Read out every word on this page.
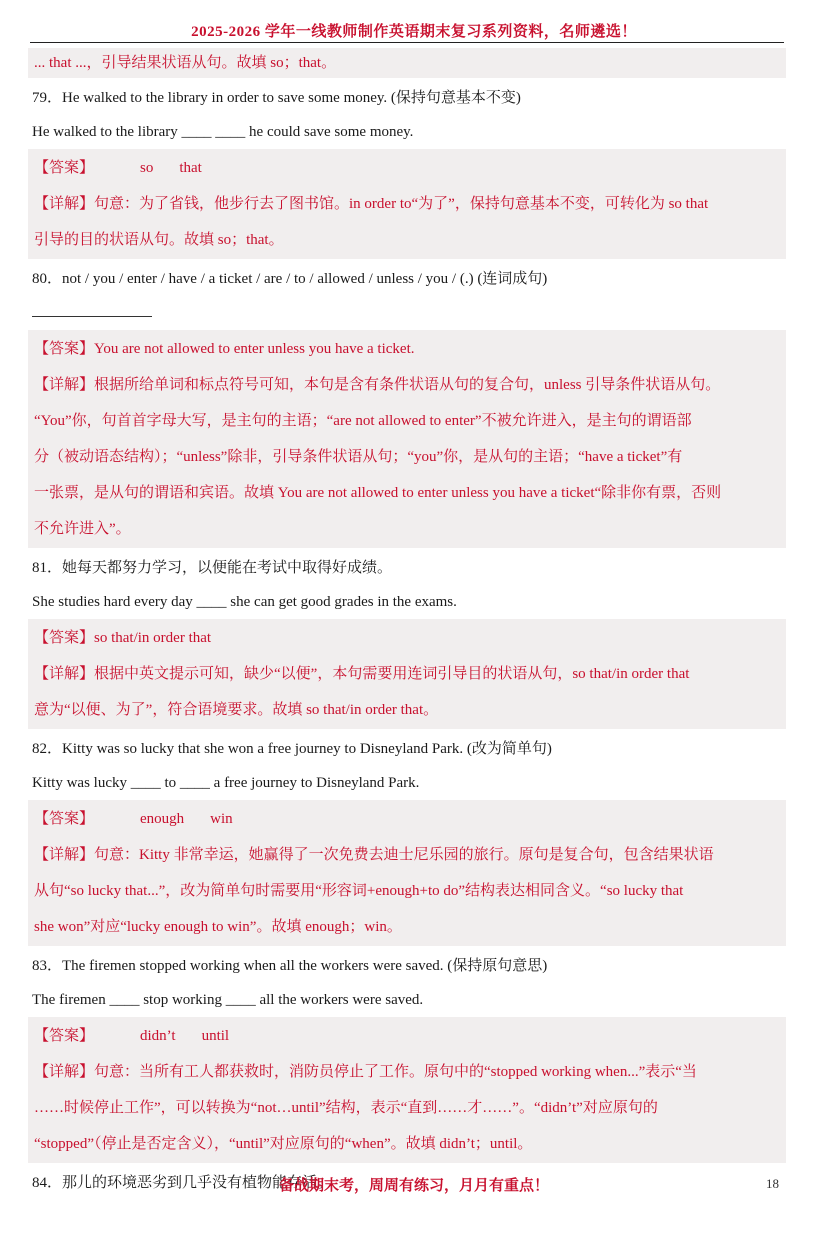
2025-2026 学年一线教师制作英语期末复习系列资料，名师遴选！
... that ...，引导结果状语从句。故填 so；that。
79．He walked to the library in order to save some money. (保持句意基本不变)
He walked to the library ____ ____ he could save some money.
【答案】	so that
【详解】句意：为了省钱，他步行去了图书馆。in order to“为了”，保持句意基本不变，可转化为 so that
引导的目的状语从句。故填 so；that。
80．not / you / enter / have / a ticket / are / to / allowed / unless / you / (.) (连词成句)
【答案】You are not allowed to enter unless you have a ticket.
【详解】根据所给单词和标点符号可知，本句是含有条件状语从句的复合句，unless 引导条件状语从句。
“You”你，句首首字母大写，是主句的主语；“are not allowed to enter”不被允许进入，是主句的谓语部
分（被动语态结构）；“unless”除非，引导条件状语从句；“you”你，是从句的主语；“have a ticket”有
一张票，是从句的谓语和宾语。故填 You are not allowed to enter unless you have a ticket“除非你有票，否则
不允许进入”。
81．她每天都努力学习，以便能在考试中取得好成绩。
She studies hard every day ____ she can get good grades in the exams.
【答案】so that/in order that
【详解】根据中英文提示可知，缺少“以便”，本句需要用连词引导目的状语从句，so that/in order that
意为“以便、为了”，符合语境要求。故填 so that/in order that。
82．Kitty was so lucky that she won a free journey to Disneyland Park. (改为简单句)
Kitty was lucky ____ to ____ a free journey to Disneyland Park.
【答案】	enough win
【详解】句意：Kitty 非常幸运，她赢得了一次免费去迪士尼乐园的旅行。原句是复合句，包含结果状语
从句“so lucky that...”，改为简单句时需要用“形容词+enough+to do”结构表达相同含义。“so lucky that
she won”对应“lucky enough to win”。故填 enough；win。
83．The firemen stopped working when all the workers were saved. (保持原句意思)
The firemen ____ stop working ____ all the workers were saved.
【答案】	didn’t until
【详解】句意：当所有工人都获救时，消防员停止了工作。原句中的“stopped working when...”表示“当
……时候停止工作”，可以转换为“not…until”结构，表示“直到……才……”。“didn’t”对应原句的
“stopped”（停止是否定含义），“until”对应原句的“when”。故填 didn’t；until。
84．那儿的环境恶劣到几乎没有植物能存活。
备战期末考，周周有练习，月月有重点！	18
